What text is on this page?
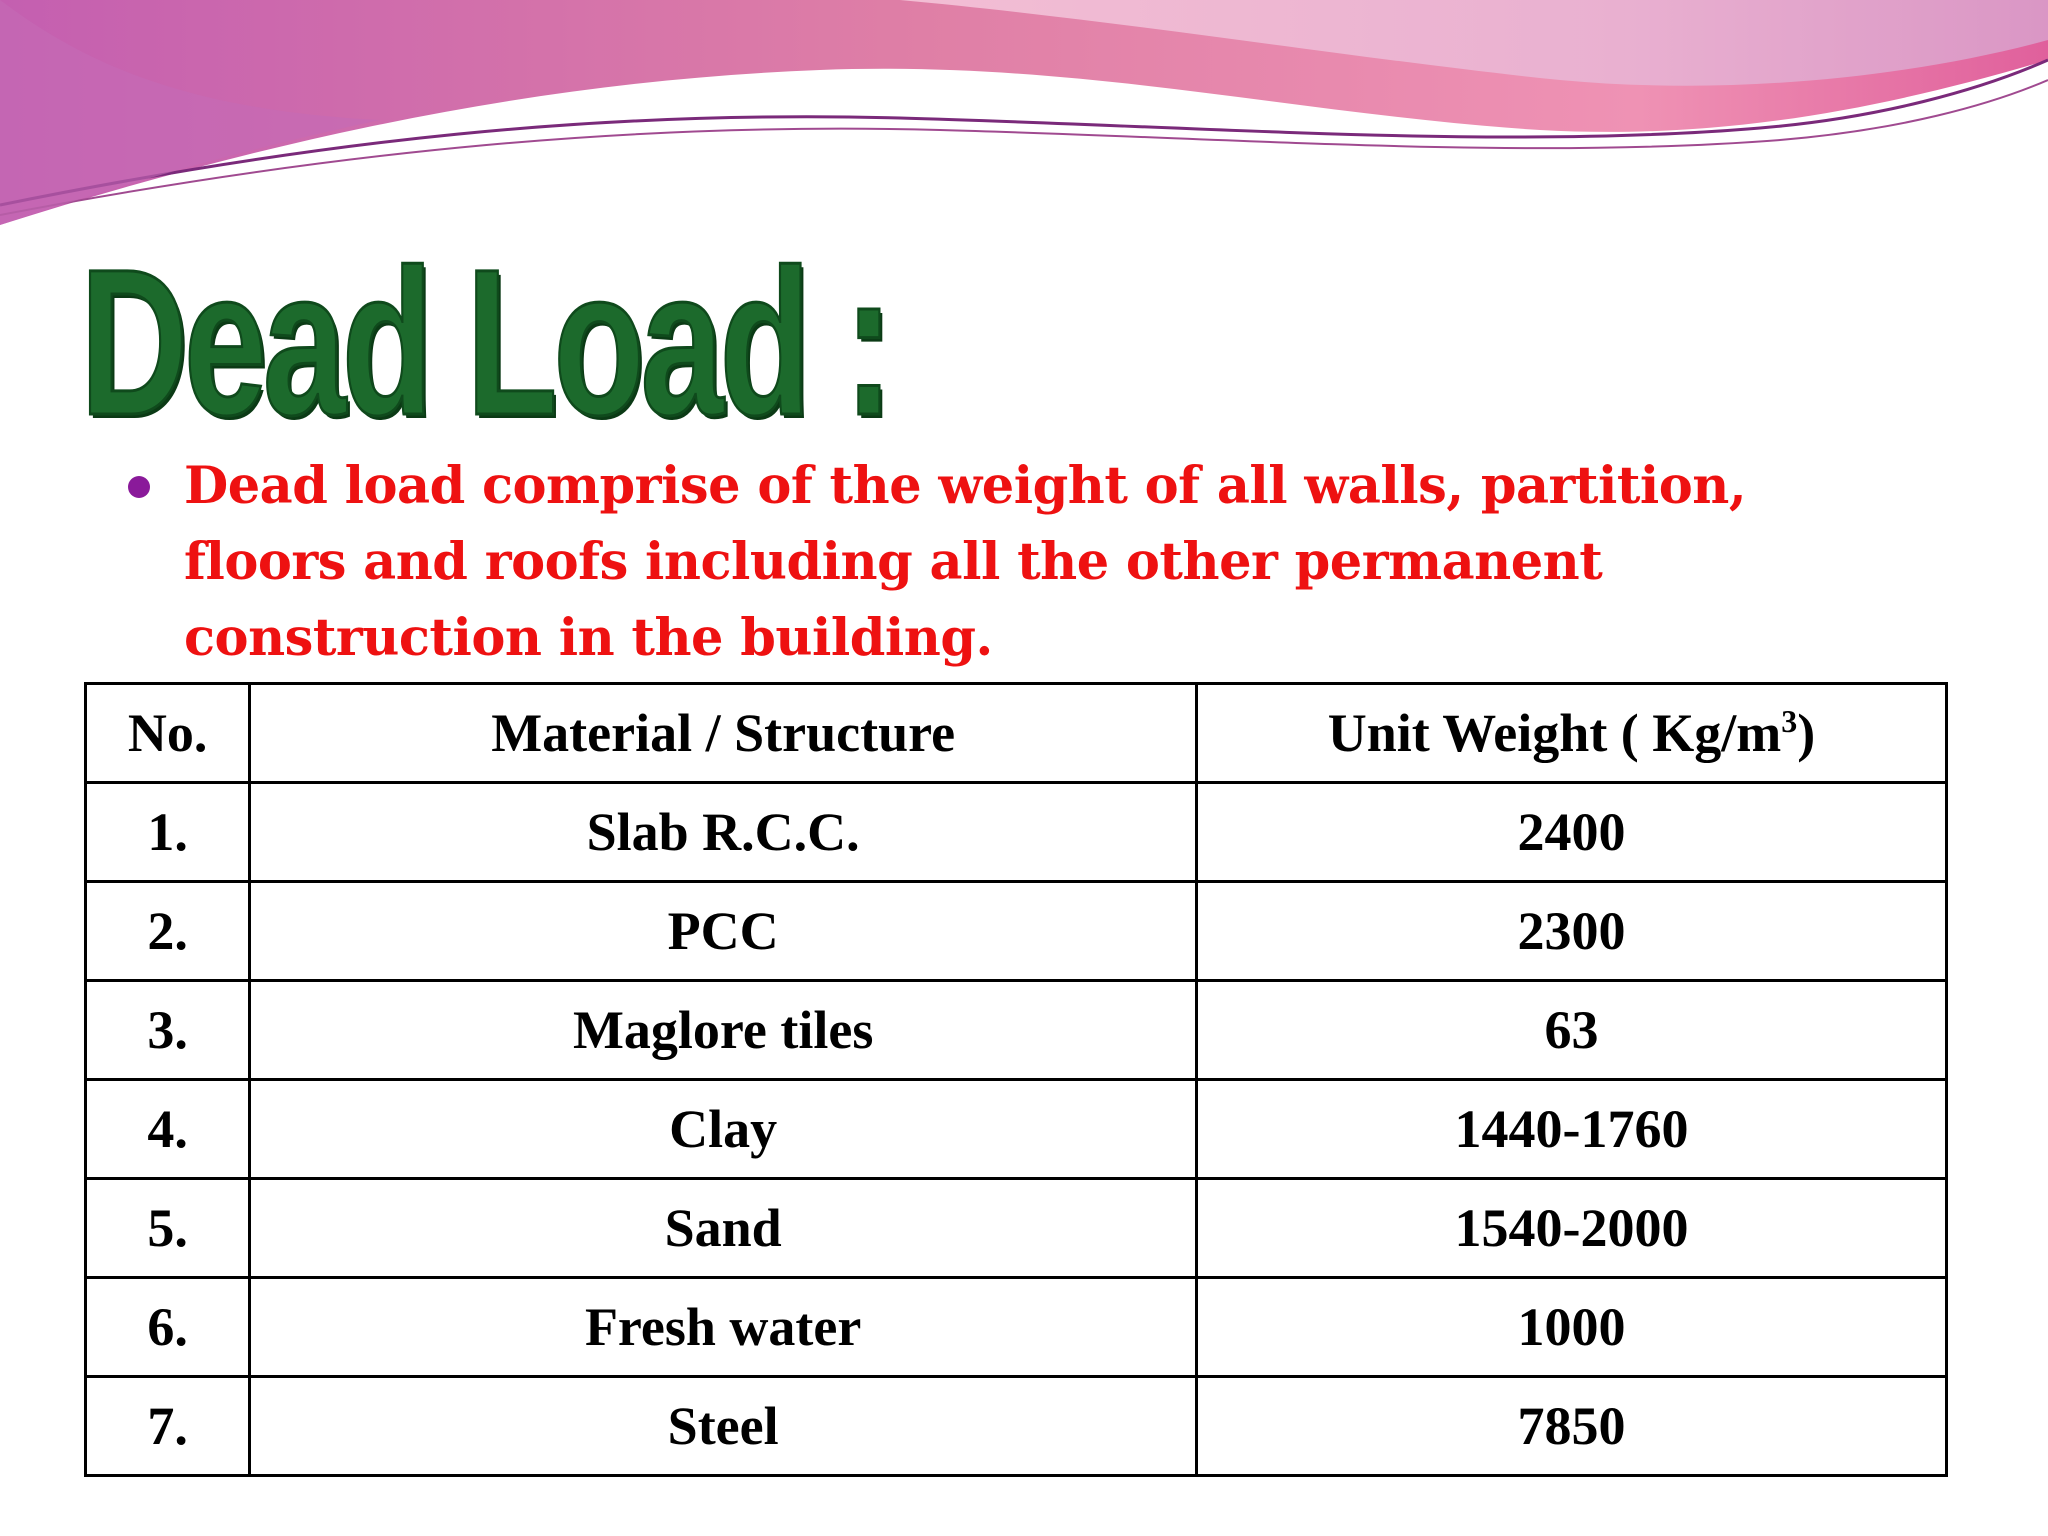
Dead Load :
Dead load comprise of the weight of all walls, partition, floors and roofs including all the other permanent construction in the building.
No.	Material / Structure	Unit Weight ( $Kg/m^3$)
1.	Slab R.C.C.	2400
2.	PCC	2300
3.	Maglore tiles	63
4.	Clay	1440-1760
5.	Sand	1540-2000
6.	Fresh water	1000
7.	Steel	7850
